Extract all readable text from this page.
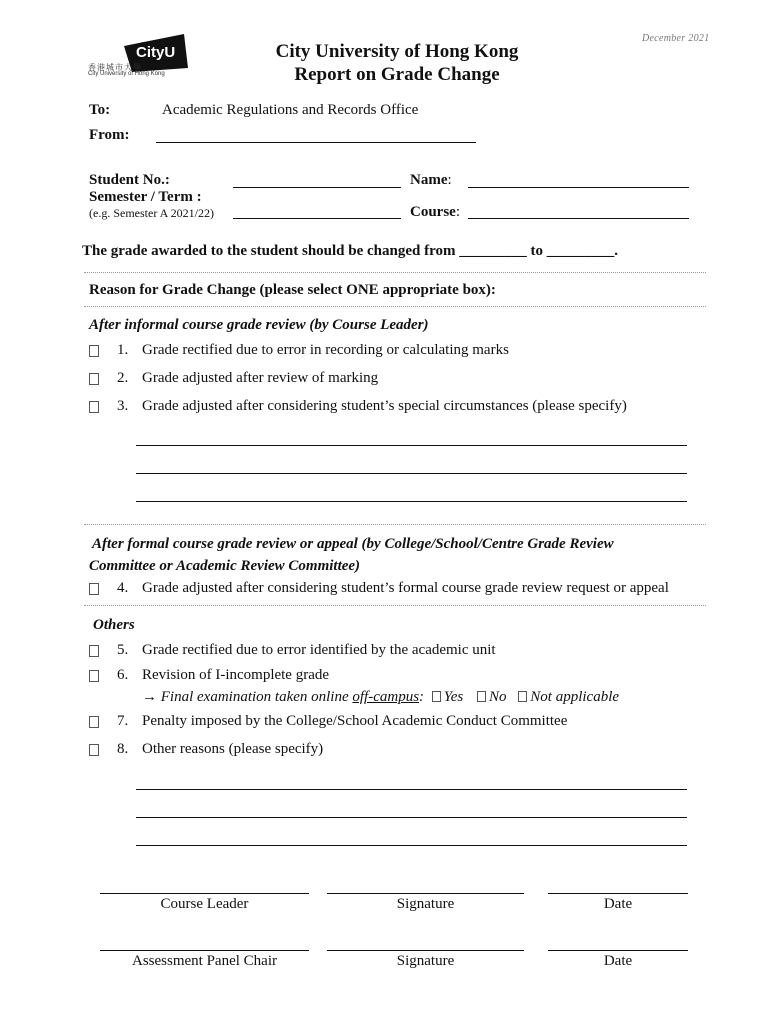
December 2021
CityU
香港城市大學
City University of Hong Kong
City University of Hong Kong
Report on Grade Change
To:	Academic Regulations and Records Office
From:
Student No.:	Name:
Semester / Term :
(e.g. Semester A 2021/22)	Course:
The grade awarded to the student should be changed from _________ to _________.
Reason for Grade Change (please select ONE appropriate box):
After informal course grade review (by Course Leader)
1. Grade rectified due to error in recording or calculating marks
2. Grade adjusted after review of marking
3. Grade adjusted after considering student’s special circumstances (please specify)
After formal course grade review or appeal (by College/School/Centre Grade Review
Committee or Academic Review Committee)
4. Grade adjusted after considering student’s formal course grade review request or appeal
Others
5. Grade rectified due to error identified by the academic unit
6. Revision of I-incomplete grade
→ Final examination taken online off-campus: Yes No Not applicable
7. Penalty imposed by the College/School Academic Conduct Committee
8. Other reasons (please specify)
Course Leader	Signature	Date
Assessment Panel Chair	Signature	Date
